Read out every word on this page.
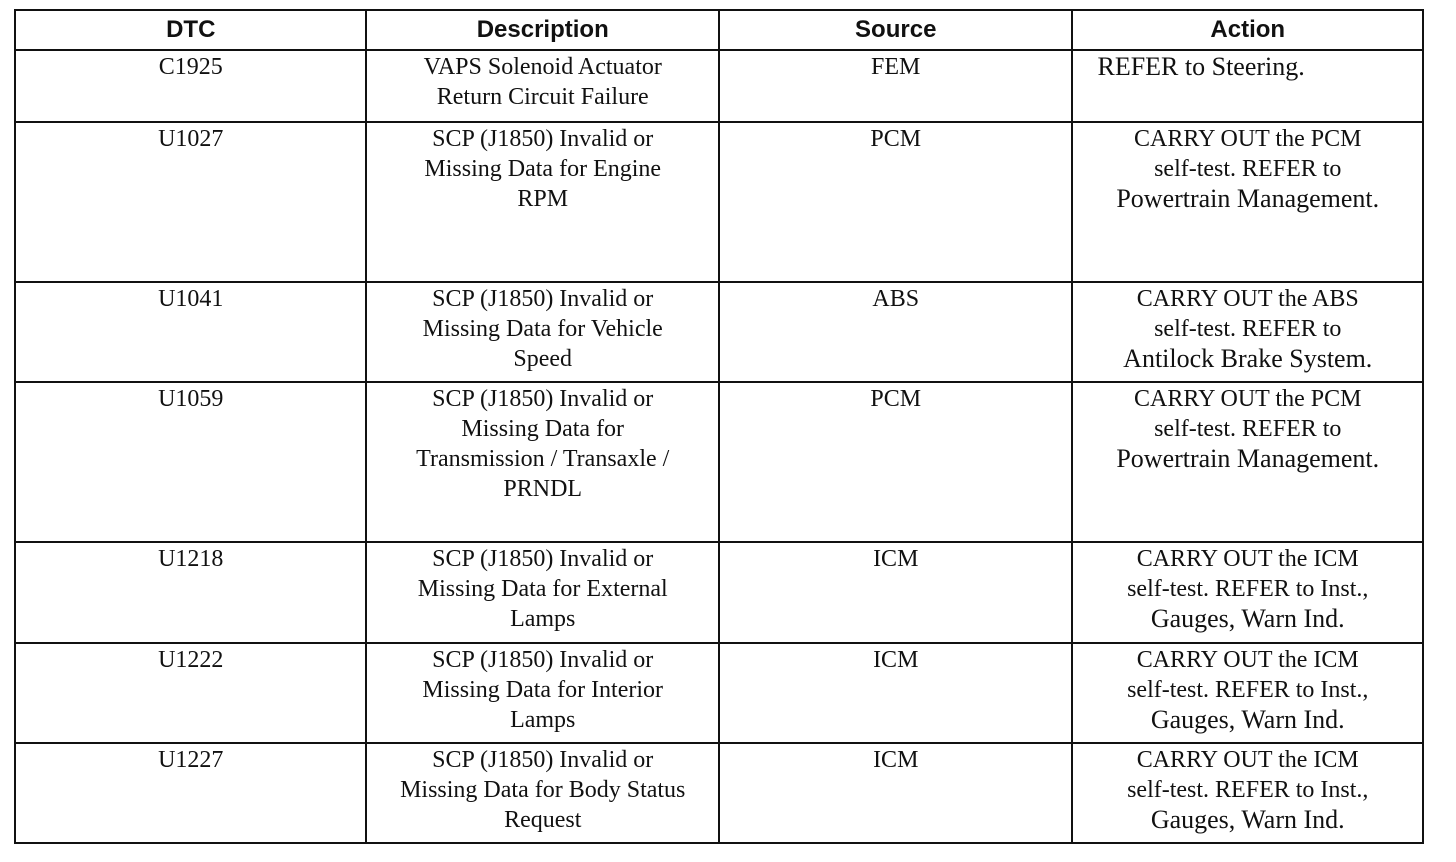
DTC	Description	Source	Action
C1925	VAPS Solenoid Actuator
Return Circuit Failure	FEM	REFER to Steering.

U1027	SCP (J1850) Invalid or
Missing Data for Engine
RPM	PCM	CARRY OUT the PCM
self-test. REFER to
Powertrain Management.

U1041	SCP (J1850) Invalid or
Missing Data for Vehicle
Speed	ABS	CARRY OUT the ABS
self-test. REFER to
Antilock Brake System.

U1059	SCP (J1850) Invalid or
Missing Data for
Transmission / Transaxle /
PRNDL	PCM	CARRY OUT the PCM
self-test. REFER to
Powertrain Management.

U1218	SCP (J1850) Invalid or
Missing Data for External
Lamps	ICM	CARRY OUT the ICM
self-test. REFER to Inst.,
Gauges, Warn Ind.

U1222	SCP (J1850) Invalid or
Missing Data for Interior
Lamps	ICM	CARRY OUT the ICM
self-test. REFER to Inst.,
Gauges, Warn Ind.

U1227	SCP (J1850) Invalid or
Missing Data for Body Status
Request	ICM	CARRY OUT the ICM
self-test. REFER to Inst.,
Gauges, Warn Ind.
